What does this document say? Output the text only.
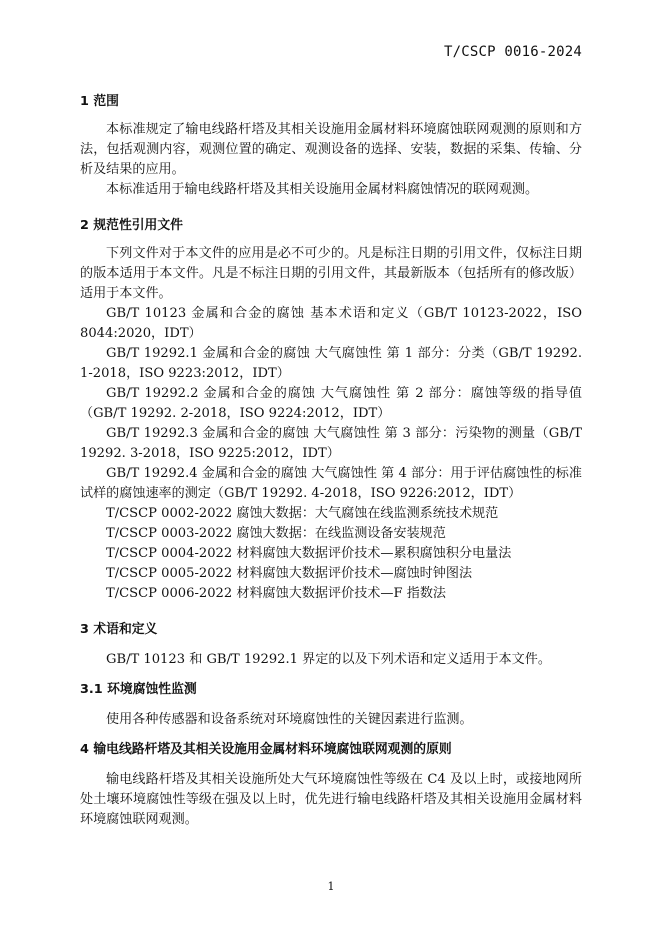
T/CSCP 0016-2024
1 范围

本标准规定了输电线路杆塔及其相关设施用金属材料环境腐蚀联网观测的原则和方法，包括观测内容，观测位置的确定、观测设备的选择、安装，数据的采集、传输、分析及结果的应用。

本标准适用于输电线路杆塔及其相关设施用金属材料腐蚀情况的联网观测。

2 规范性引用文件

下列文件对于本文件的应用是必不可少的。凡是标注日期的引用文件，仅标注日期的版本适用于本文件。凡是不标注日期的引用文件，其最新版本（包括所有的修改版）适用于本文件。

GB/T 10123 金属和合金的腐蚀 基本术语和定义（GB/T 10123-2022，ISO 8044:2020，IDT）

GB/T 19292.1 金属和合金的腐蚀 大气腐蚀性 第 1 部分：分类（GB/T 19292. 1-2018，ISO 9223:2012，IDT）

GB/T 19292.2 金属和合金的腐蚀 大气腐蚀性 第 2 部分：腐蚀等级的指导值（GB/T 19292. 2-2018，ISO 9224:2012，IDT）

GB/T 19292.3 金属和合金的腐蚀 大气腐蚀性 第 3 部分：污染物的测量（GB/T 19292. 3-2018，ISO 9225:2012，IDT）

GB/T 19292.4 金属和合金的腐蚀 大气腐蚀性 第 4 部分：用于评估腐蚀性的标准试样的腐蚀速率的测定（GB/T 19292. 4-2018，ISO 9226:2012，IDT）

T/CSCP 0002-2022 腐蚀大数据：大气腐蚀在线监测系统技术规范

T/CSCP 0003-2022 腐蚀大数据：在线监测设备安装规范

T/CSCP 0004-2022 材料腐蚀大数据评价技术—累积腐蚀积分电量法

T/CSCP 0005-2022 材料腐蚀大数据评价技术—腐蚀时钟图法

T/CSCP 0006-2022 材料腐蚀大数据评价技术—F 指数法

3 术语和定义

GB/T 10123 和 GB/T 19292.1 界定的以及下列术语和定义适用于本文件。

3.1 环境腐蚀性监测

使用各种传感器和设备系统对环境腐蚀性的关键因素进行监测。

4 输电线路杆塔及其相关设施用金属材料环境腐蚀联网观测的原则

输电线路杆塔及其相关设施所处大气环境腐蚀性等级在 C4 及以上时，或接地网所处土壤环境腐蚀性等级在强及以上时，优先进行输电线路杆塔及其相关设施用金属材料环境腐蚀联网观测。

1
